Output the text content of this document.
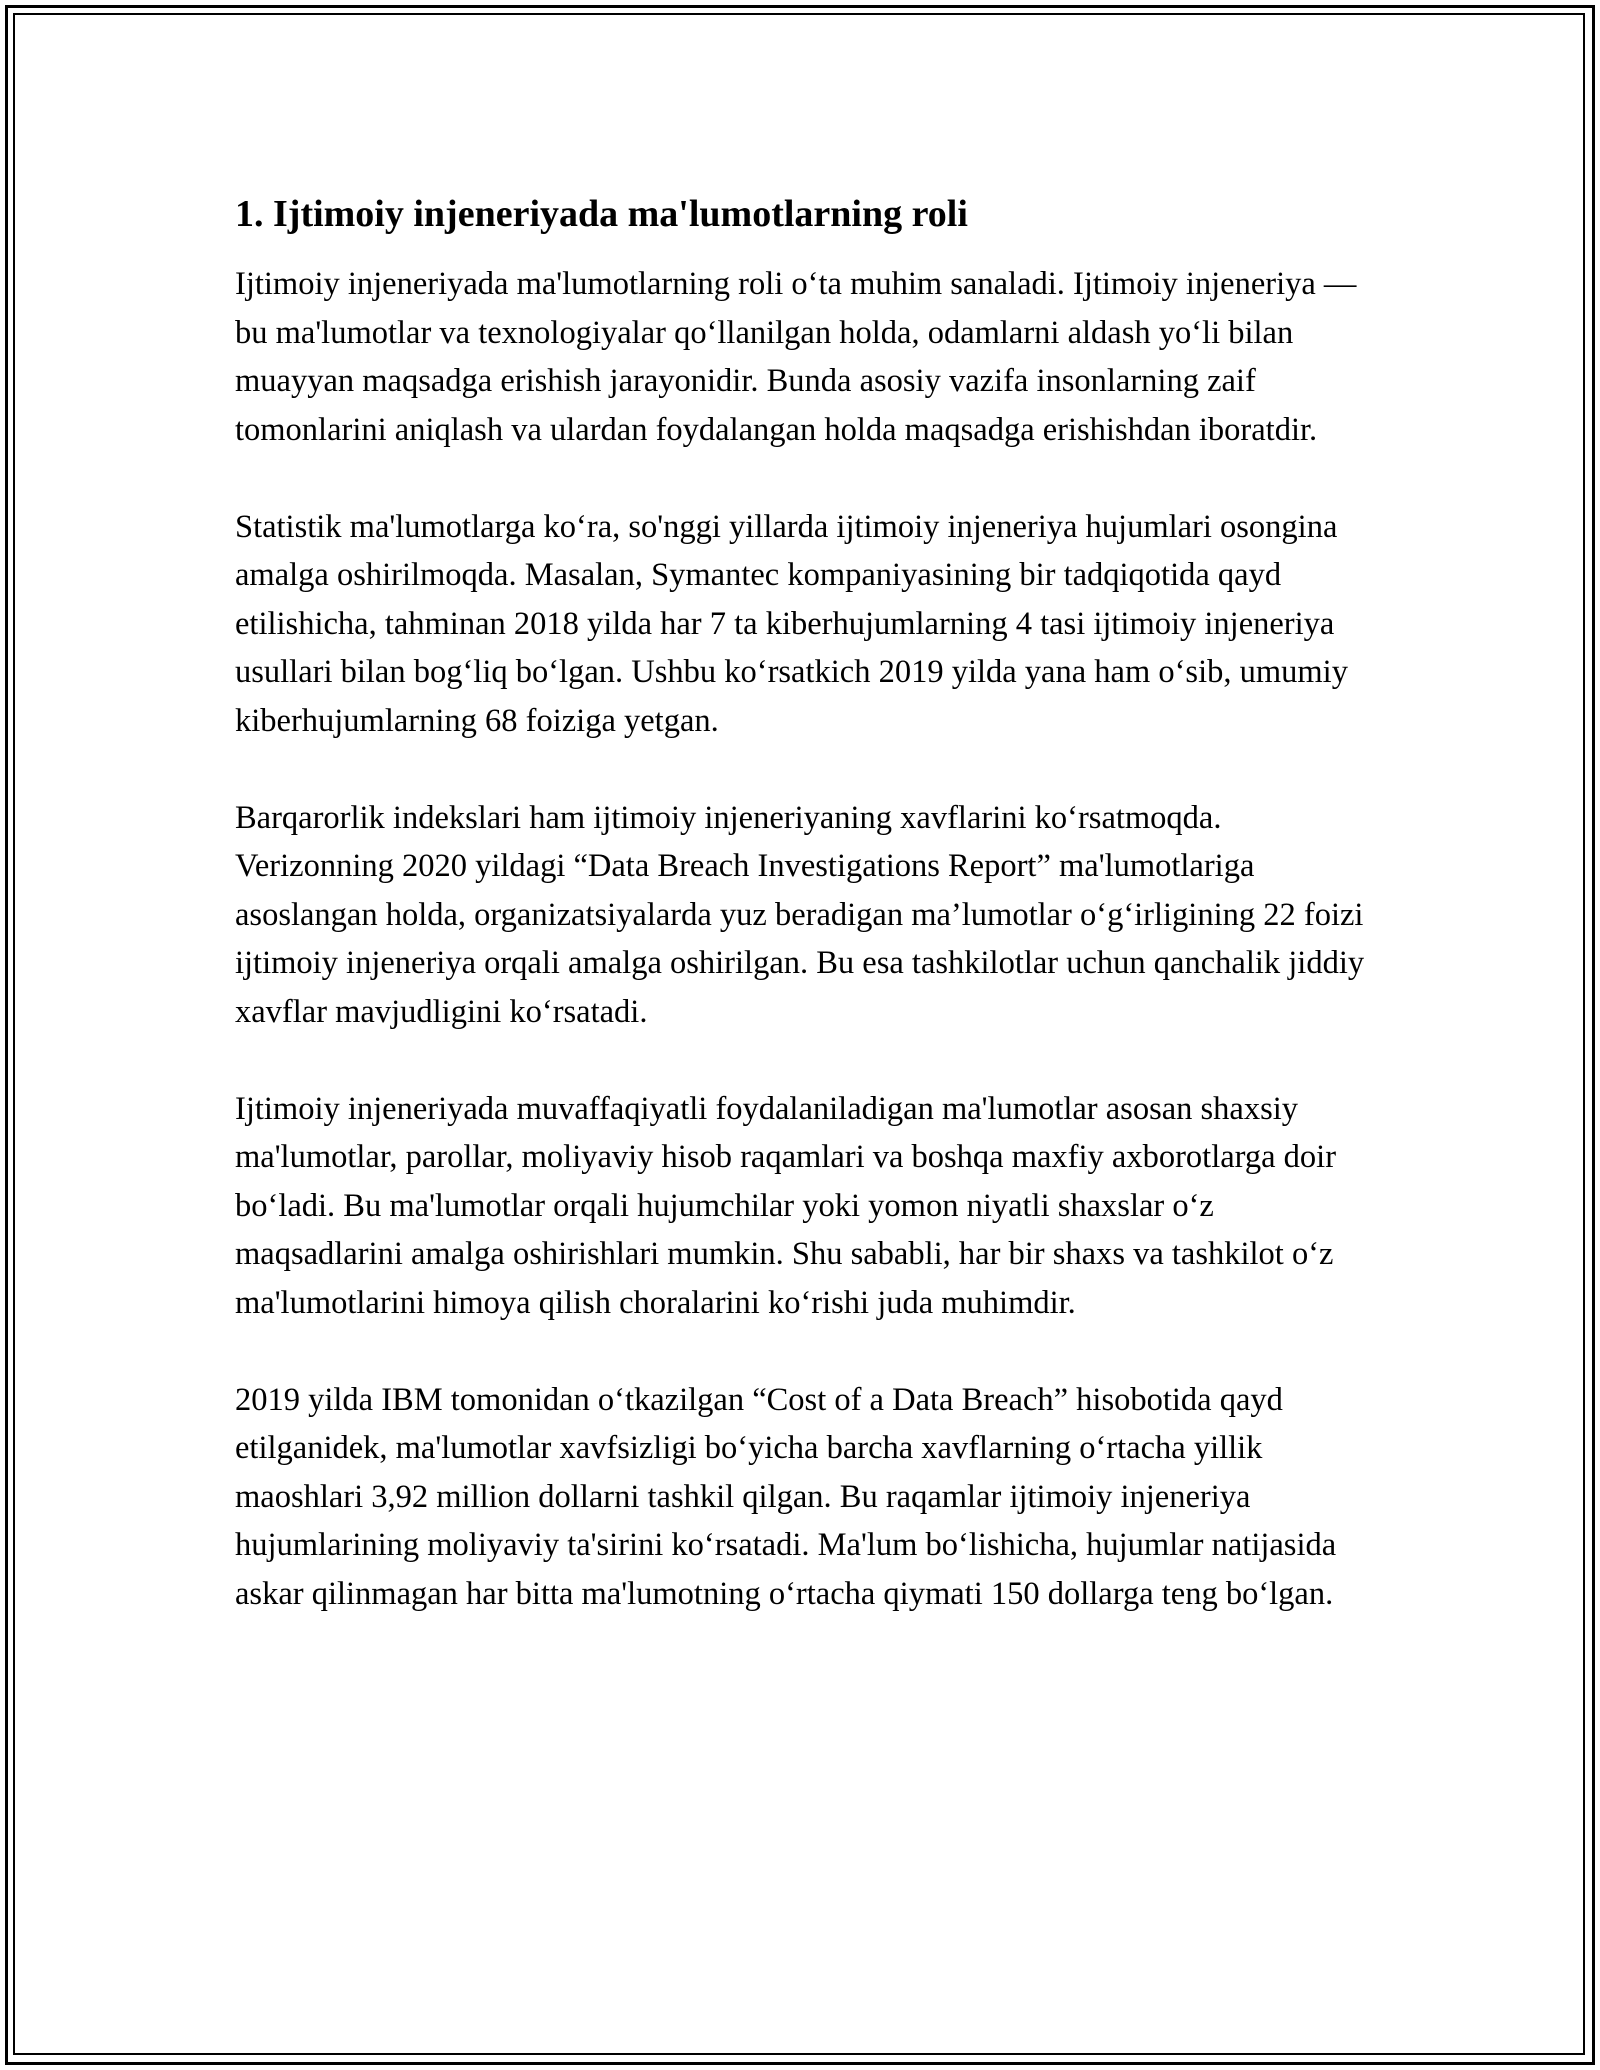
1. Ijtimoiy injeneriyada ma'lumotlarning roli

Ijtimoiy injeneriyada ma'lumotlarning roli o‘ta muhim sanaladi. Ijtimoiy injeneriya — bu ma'lumotlar va texnologiyalar qo‘llanilgan holda, odamlarni aldash yo‘li bilan muayyan maqsadga erishish jarayonidir. Bunda asosiy vazifa insonlarning zaif tomonlarini aniqlash va ulardan foydalangan holda maqsadga erishishdan iboratdir.

Statistik ma'lumotlarga ko‘ra, so'nggi yillarda ijtimoiy injeneriya hujumlari osongina amalga oshirilmoqda. Masalan, Symantec kompaniyasining bir tadqiqotida qayd etilishicha, tahminan 2018 yilda har 7 ta kiberhujumlarning 4 tasi ijtimoiy injeneriya usullari bilan bog‘liq bo‘lgan. Ushbu ko‘rsatkich 2019 yilda yana ham o‘sib, umumiy kiberhujumlarning 68 foiziga yetgan.

Barqarorlik indekslari ham ijtimoiy injeneriyaning xavflarini ko‘rsatmoqda. Verizonning 2020 yildagi “Data Breach Investigations Report” ma'lumotlariga asoslangan holda, organizatsiyalarda yuz beradigan ma’lumotlar o‘g‘irligining 22 foizi ijtimoiy injeneriya orqali amalga oshirilgan. Bu esa tashkilotlar uchun qanchalik jiddiy xavflar mavjudligini ko‘rsatadi.

Ijtimoiy injeneriyada muvaffaqiyatli foydalaniladigan ma'lumotlar asosan shaxsiy ma'lumotlar, parollar, moliyaviy hisob raqamlari va boshqa maxfiy axborotlarga doir bo‘ladi. Bu ma'lumotlar orqali hujumchilar yoki yomon niyatli shaxslar o‘z maqsadlarini amalga oshirishlari mumkin. Shu sababli, har bir shaxs va tashkilot o‘z ma'lumotlarini himoya qilish choralarini ko‘rishi juda muhimdir.

2019 yilda IBM tomonidan o‘tkazilgan “Cost of a Data Breach” hisobotida qayd etilganidek, ma'lumotlar xavfsizligi bo‘yicha barcha xavflarning o‘rtacha yillik maoshlari 3,92 million dollarni tashkil qilgan. Bu raqamlar ijtimoiy injeneriya hujumlarining moliyaviy ta'sirini ko‘rsatadi. Ma'lum bo‘lishicha, hujumlar natijasida askar qilinmagan har bitta ma'lumotning o‘rtacha qiymati 150 dollarga teng bo‘lgan.
